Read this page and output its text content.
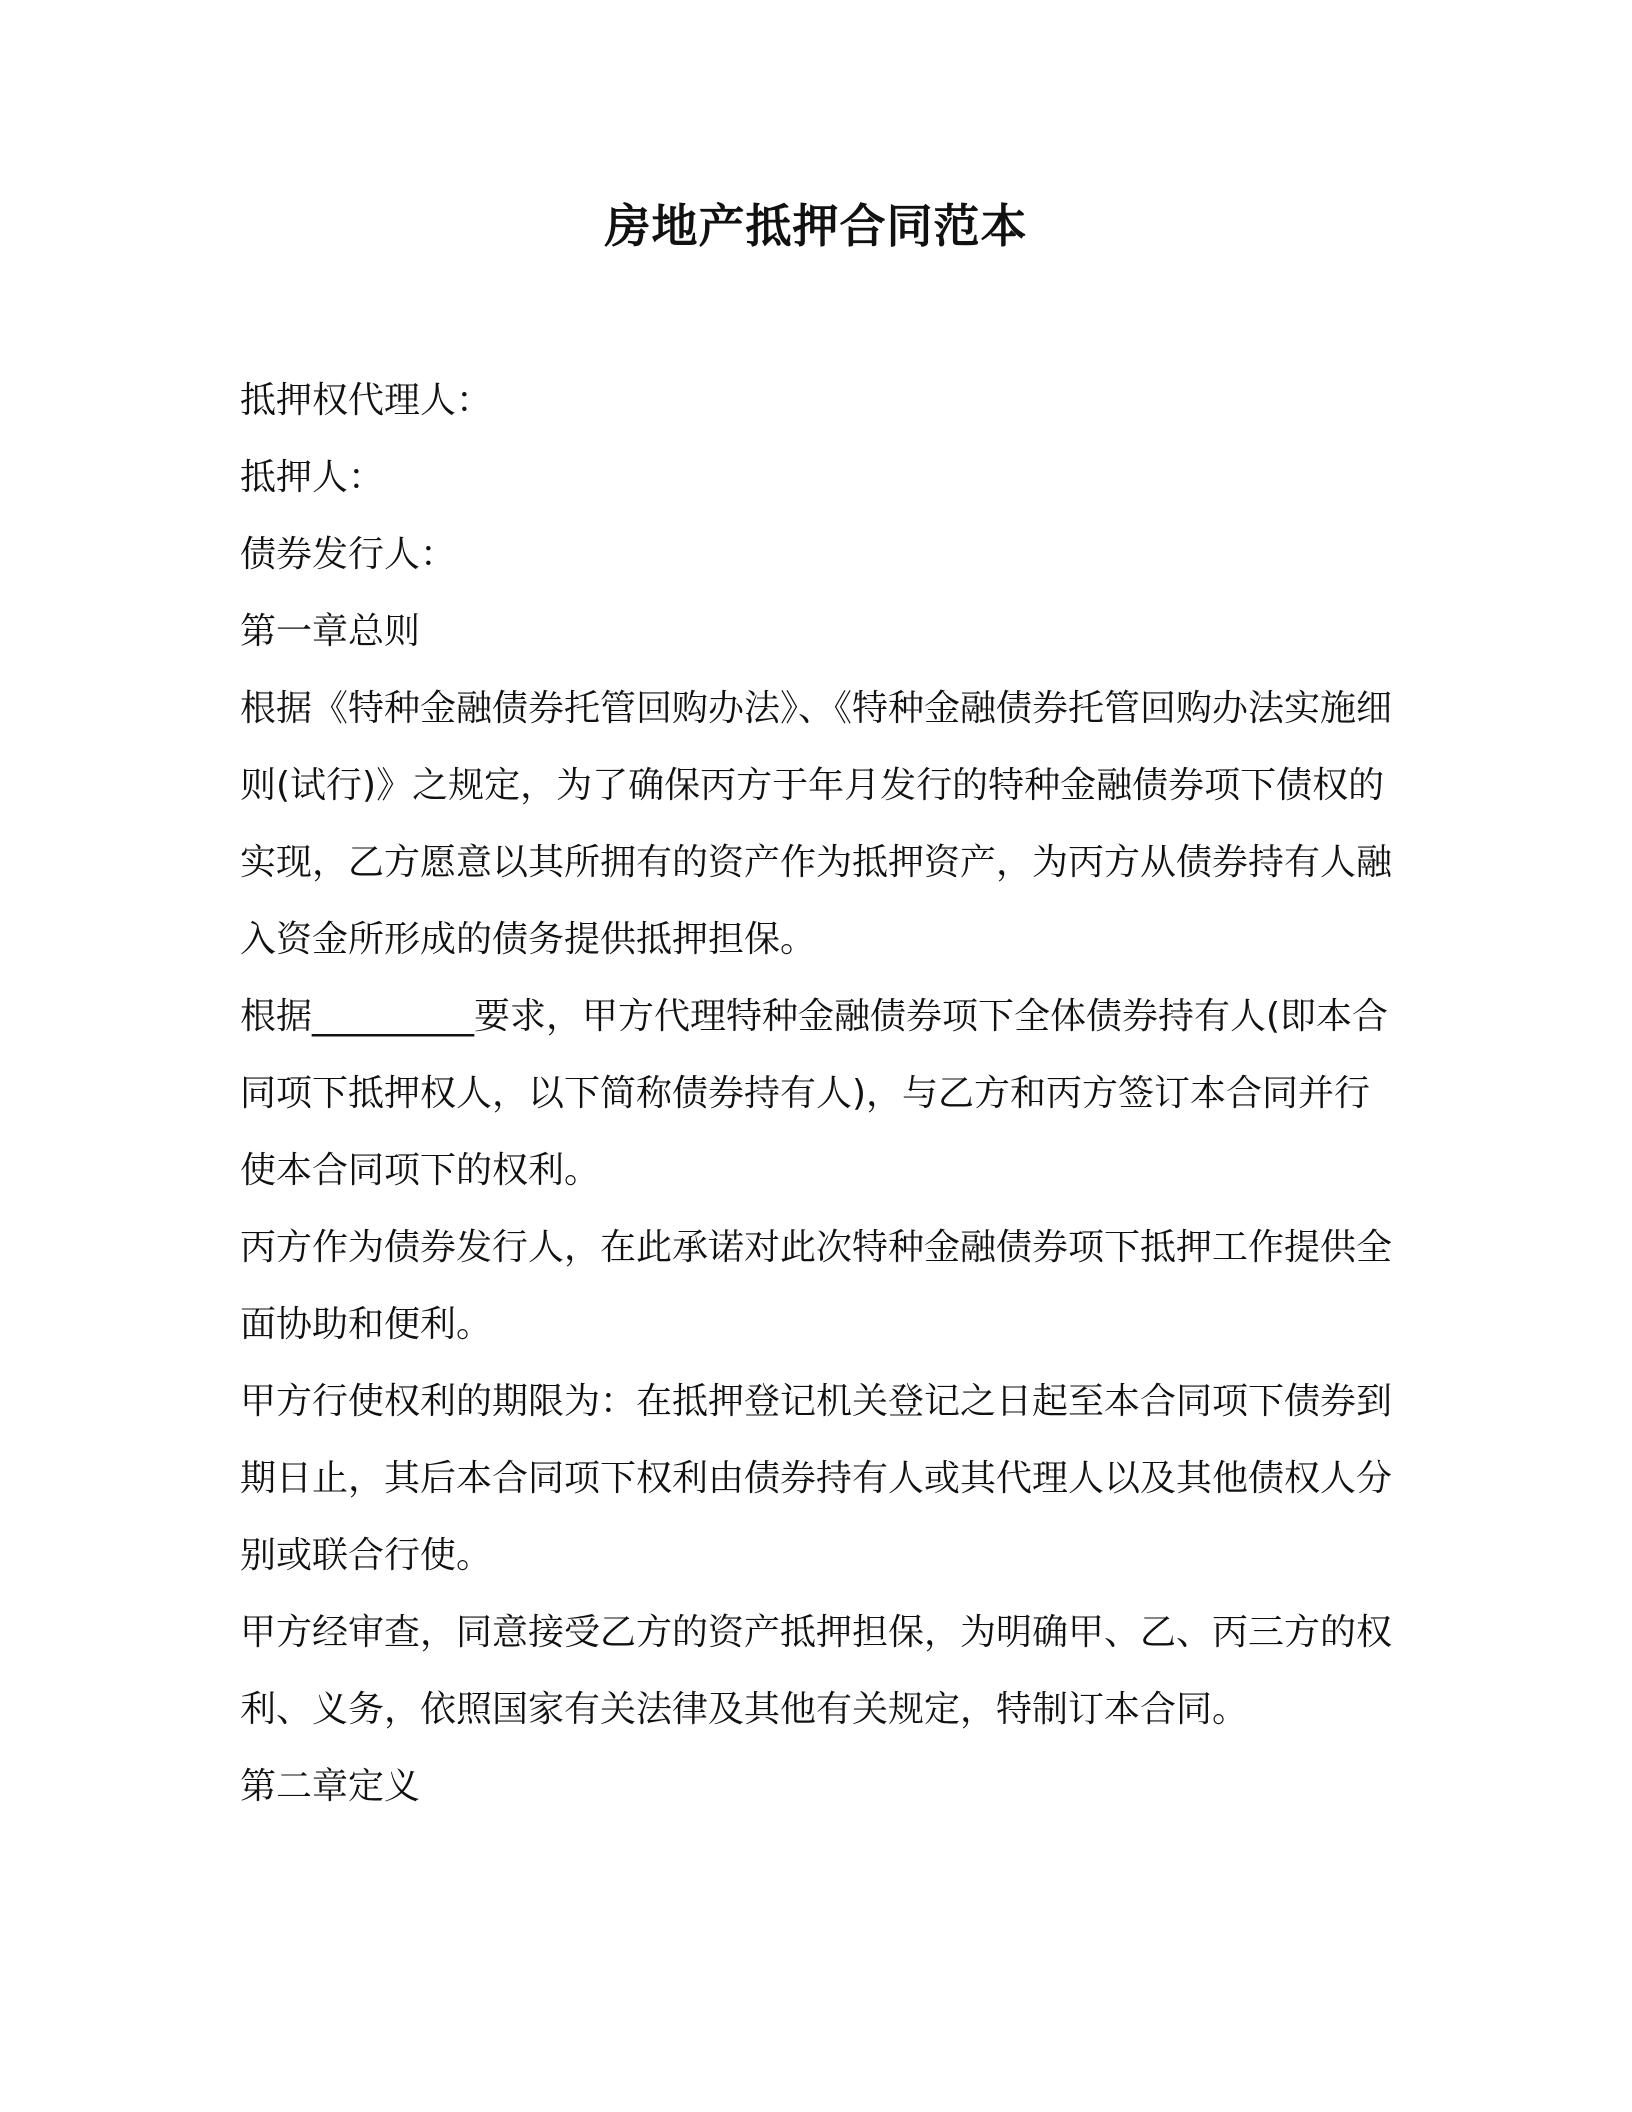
房地产抵押合同范本

抵押权代理人：

抵押人：

债券发行人：

第一章总则

根据《特种金融债券托管回购办法》、《特种金融债券托管回购办法实施细则(试行)》之规定，为了确保丙方于年月发行的特种金融债券项下债权的实现，乙方愿意以其所拥有的资产作为抵押资产，为丙方从债券持有人融入资金所形成的债务提供抵押担保。

根据_________要求，甲方代理特种金融债券项下全体债券持有人(即本合同项下抵押权人，以下简称债券持有人)，与乙方和丙方签订本合同并行使本合同项下的权利。

丙方作为债券发行人，在此承诺对此次特种金融债券项下抵押工作提供全面协助和便利。

甲方行使权利的期限为：在抵押登记机关登记之日起至本合同项下债券到期日止，其后本合同项下权利由债券持有人或其代理人以及其他债权人分别或联合行使。

甲方经审查，同意接受乙方的资产抵押担保，为明确甲、乙、丙三方的权利、义务，依照国家有关法律及其他有关规定，特制订本合同。

第二章定义
